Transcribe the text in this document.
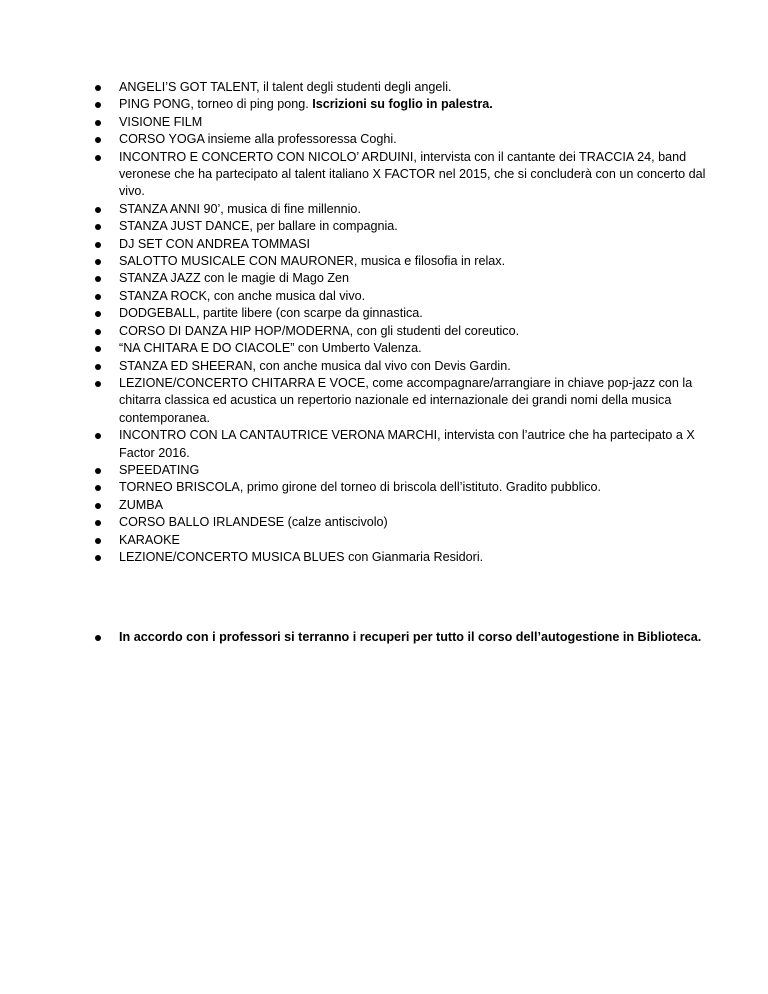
ANGELI’S GOT TALENT, il talent degli studenti degli angeli.
PING PONG, torneo di ping pong. Iscrizioni su foglio in palestra.
VISIONE FILM
CORSO YOGA insieme alla professoressa Coghi.
INCONTRO E CONCERTO CON NICOLO’ ARDUINI, intervista con il cantante dei TRACCIA 24, band veronese che ha partecipato al talent italiano X FACTOR nel 2015, che si concluderà con un concerto dal vivo.
STANZA ANNI 90’, musica di fine millennio.
STANZA JUST DANCE, per ballare in compagnia.
DJ SET CON ANDREA TOMMASI
SALOTTO MUSICALE CON MAURONER, musica e filosofia in relax.
STANZA JAZZ con le magie di Mago Zen
STANZA ROCK, con anche musica dal vivo.
DODGEBALL, partite libere (con scarpe da ginnastica.
CORSO DI DANZA HIP HOP/MODERNA, con gli studenti del coreutico.
“NA CHITARA E DO CIACOLE” con Umberto Valenza.
STANZA ED SHEERAN, con anche musica dal vivo con Devis Gardin.
LEZIONE/CONCERTO CHITARRA E VOCE, come accompagnare/arrangiare in chiave pop-jazz con la chitarra classica ed acustica un repertorio nazionale ed internazionale dei grandi nomi della musica contemporanea.
INCONTRO CON LA CANTAUTRICE VERONA MARCHI, intervista con l’autrice che ha partecipato a X Factor 2016.
SPEEDATING
TORNEO BRISCOLA, primo girone del torneo di briscola dell’istituto. Gradito pubblico.
ZUMBA
CORSO BALLO IRLANDESE (calze antiscivolo)
KARAOKE
LEZIONE/CONCERTO MUSICA BLUES con Gianmaria Residori.
In accordo con i professori si terranno i recuperi per tutto il corso dell’autogestione in Biblioteca.
